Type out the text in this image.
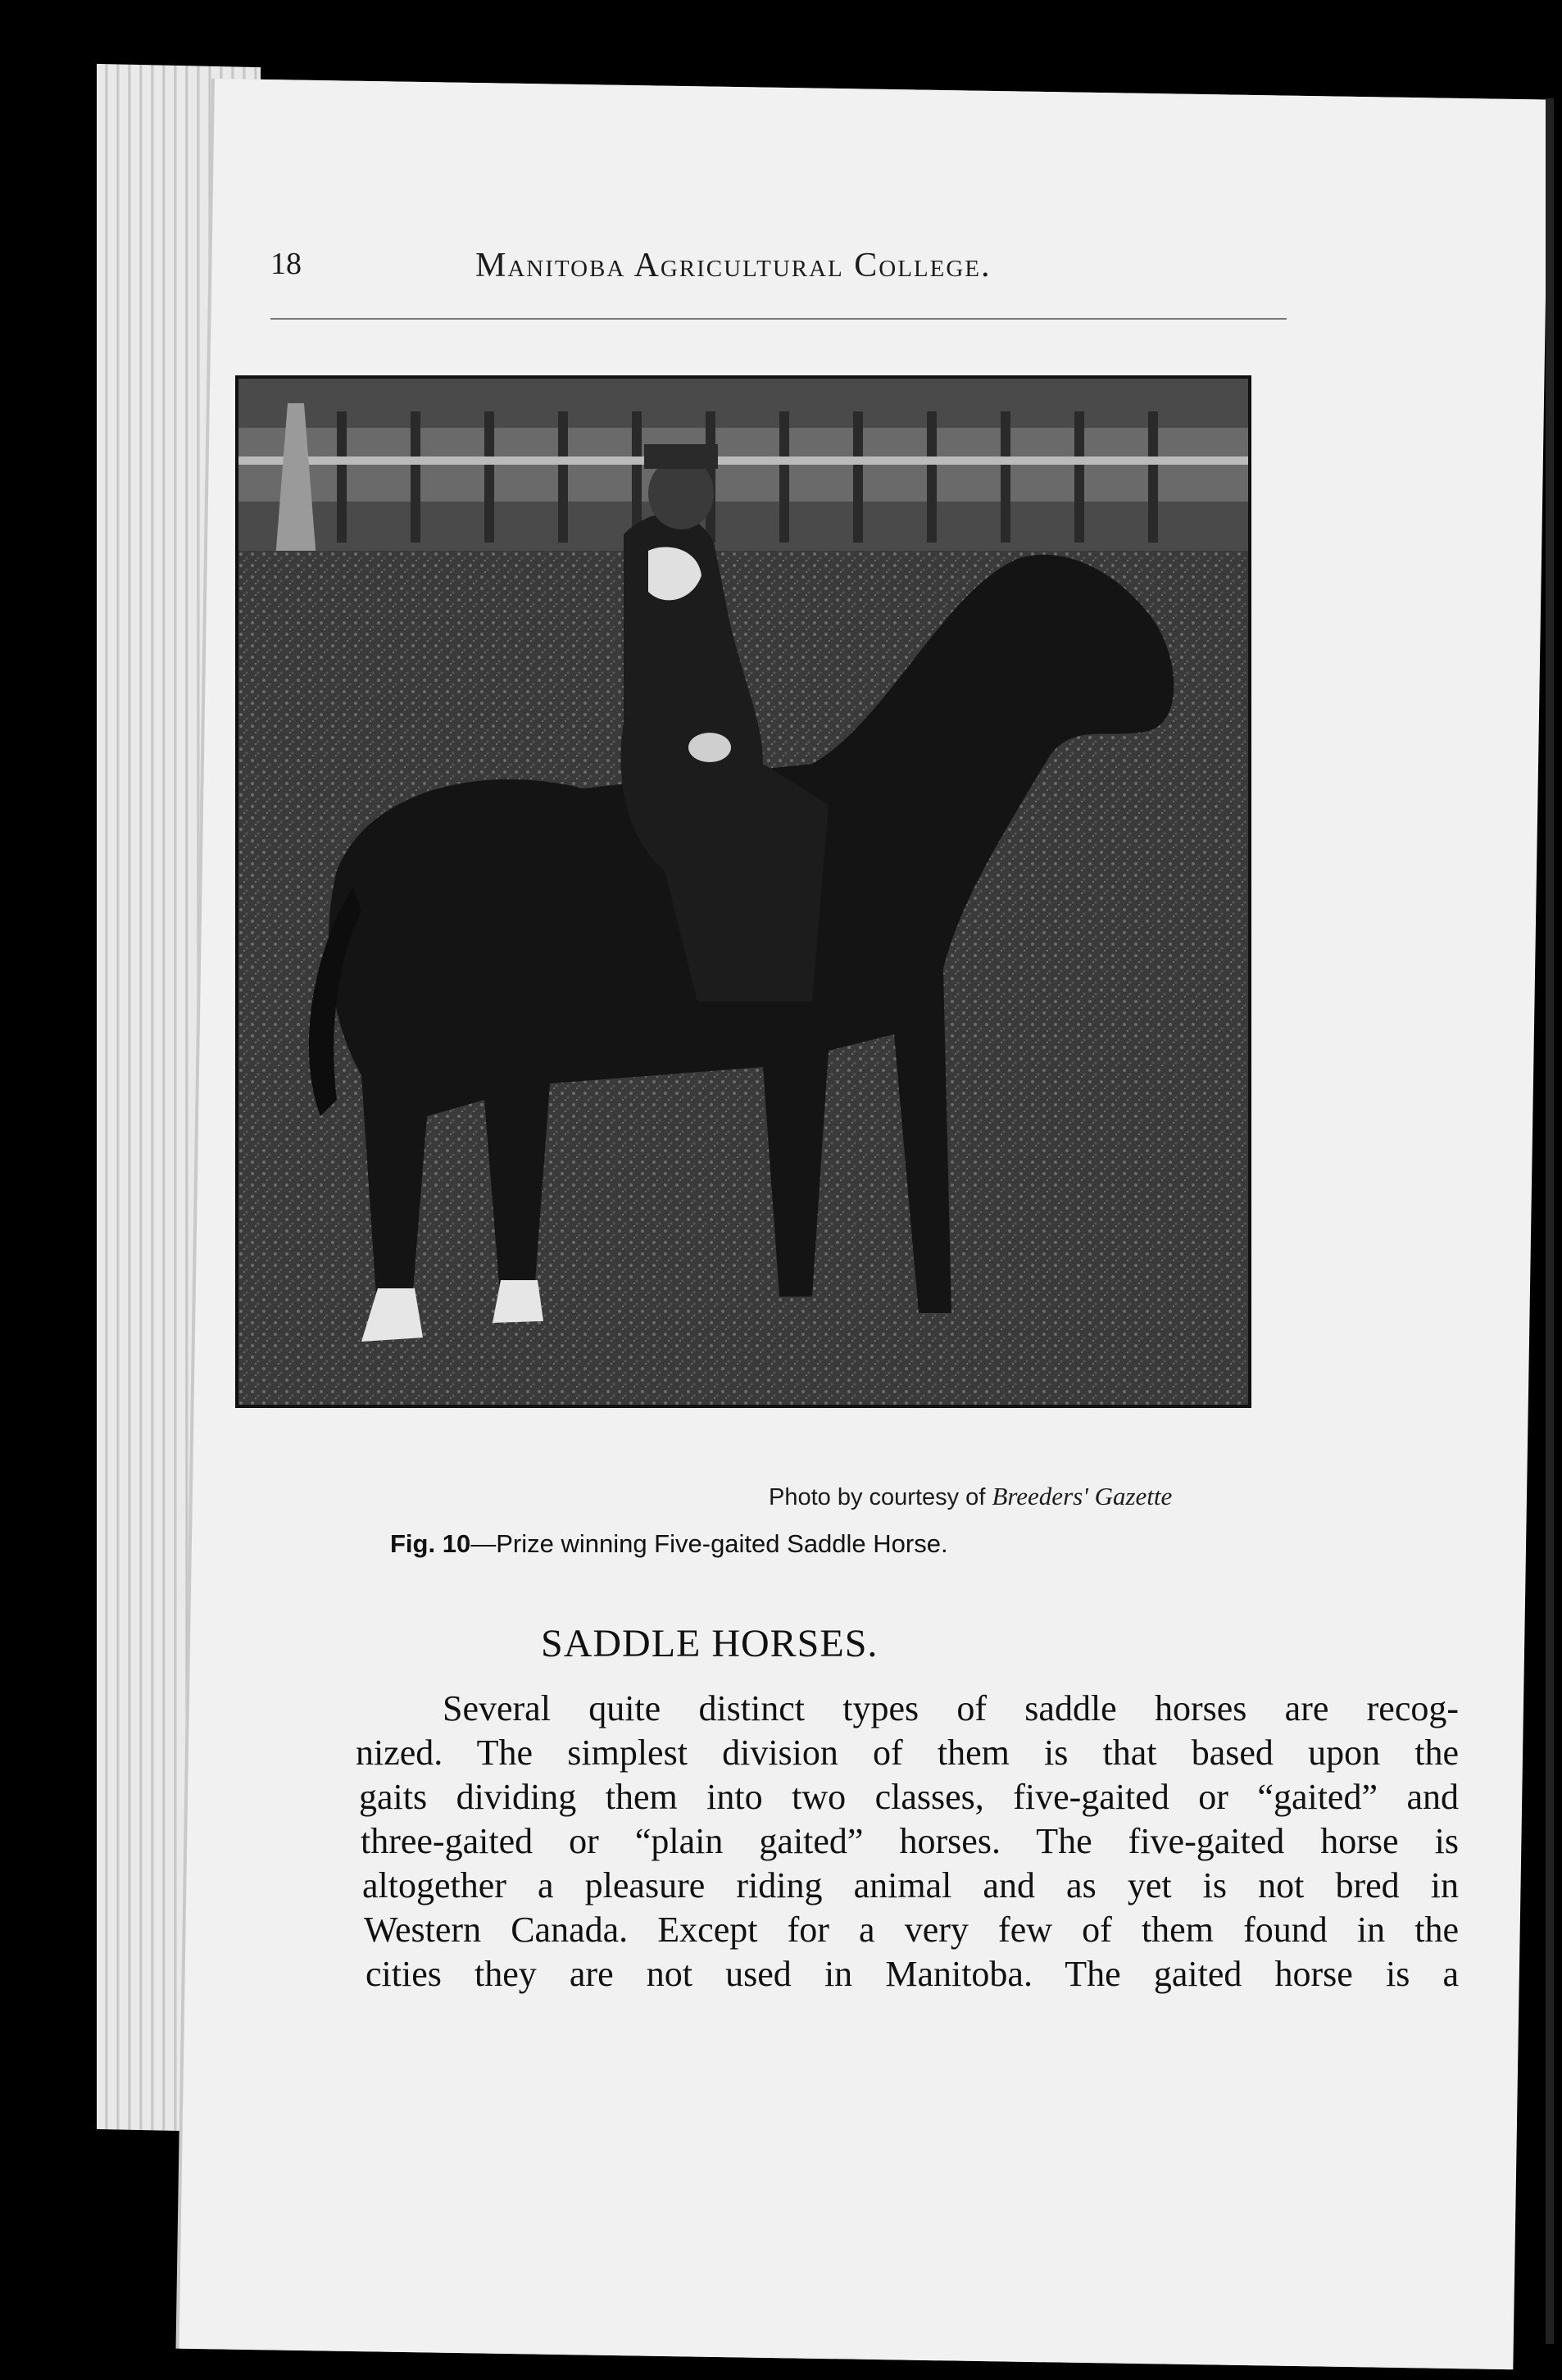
18	Manitoba Agricultural College.
Photo by courtesy of Breeders' Gazette
Fig. 10—Prize winning Five-gaited Saddle Horse.
SADDLE HORSES.
Several quite distinct types of saddle horses are recog-
nized. The simplest division of them is that based upon the
gaits dividing them into two classes, five-gaited or “gaited” and
three-gaited or “plain gaited” horses. The five-gaited horse is
altogether a pleasure riding animal and as yet is not bred in
Western Canada. Except for a very few of them found in the
cities they are not used in Manitoba. The gaited horse is a
